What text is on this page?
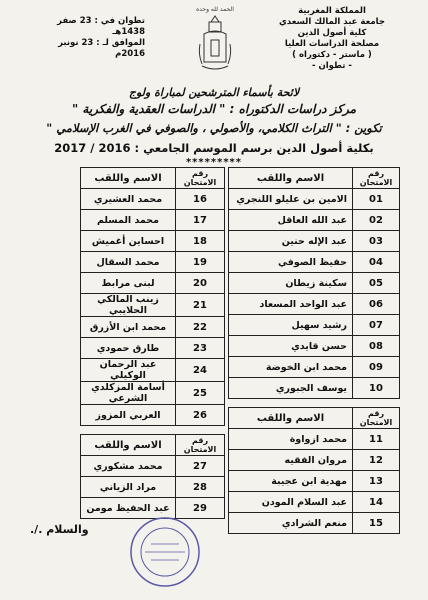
المملكة المغربية
جامعة عبد المالك السعدي
كلية أصول الدين
مصلحة الدراسات العليا
( ماستر - دكتوراه )
- تطوان -
تطوان في : 23 صفر 1438هـ
الموافق لـ : 23 نونبر 2016م
الحمد لله وحده
لائحة بأسماء المترشحين لمباراة ولوج
مركز دراسات الدكتوراه : " الدراسات العقدية والفكرية "
تكوين : " التراث الكلامي، والأصولي ، والصوفي في الغرب الإسلامي "
بكلية أصول الدين برسم الموسم الجامعي : 2016 / 2017
*********
رقم الامتحان	الاسم واللقب
01	الامين بن عليلو اللنجري
02	عبد الله العاقل
03	عبد الإله حنين
04	حفيظ الصوفي
05	سكينة زيطان
06	عبد الواحد المسعاد
07	رشيد سهيل
08	حسن قايدي
09	محمد ابن الخوضة
10	يوسف الجبوري

رقم الامتحان	الاسم واللقب
11	محمد ازواوة
12	مروان الفقيه
13	مهدية ابن عجيبة
14	عبد السلام المودن
15	منعم الشرادي
رقم الامتحان	الاسم واللقب
16	محمد العشيري
17	محمد المسلم
18	احساين أغميش
19	محمد السقال
20	لبنى مرابط
21	زينب المالكي الحلايبي
22	محمد ابن الأزرق
23	طارق حمودي
24	عبد الرحمان الوكيلي
25	أسامة المزكلدي الشرعي
26	العربي المزوز

رقم الامتحان	الاسم واللقب
27	محمد مشكوري
28	مراد الزياني
29	عبد الحفيظ مومن
والسلام ./.
